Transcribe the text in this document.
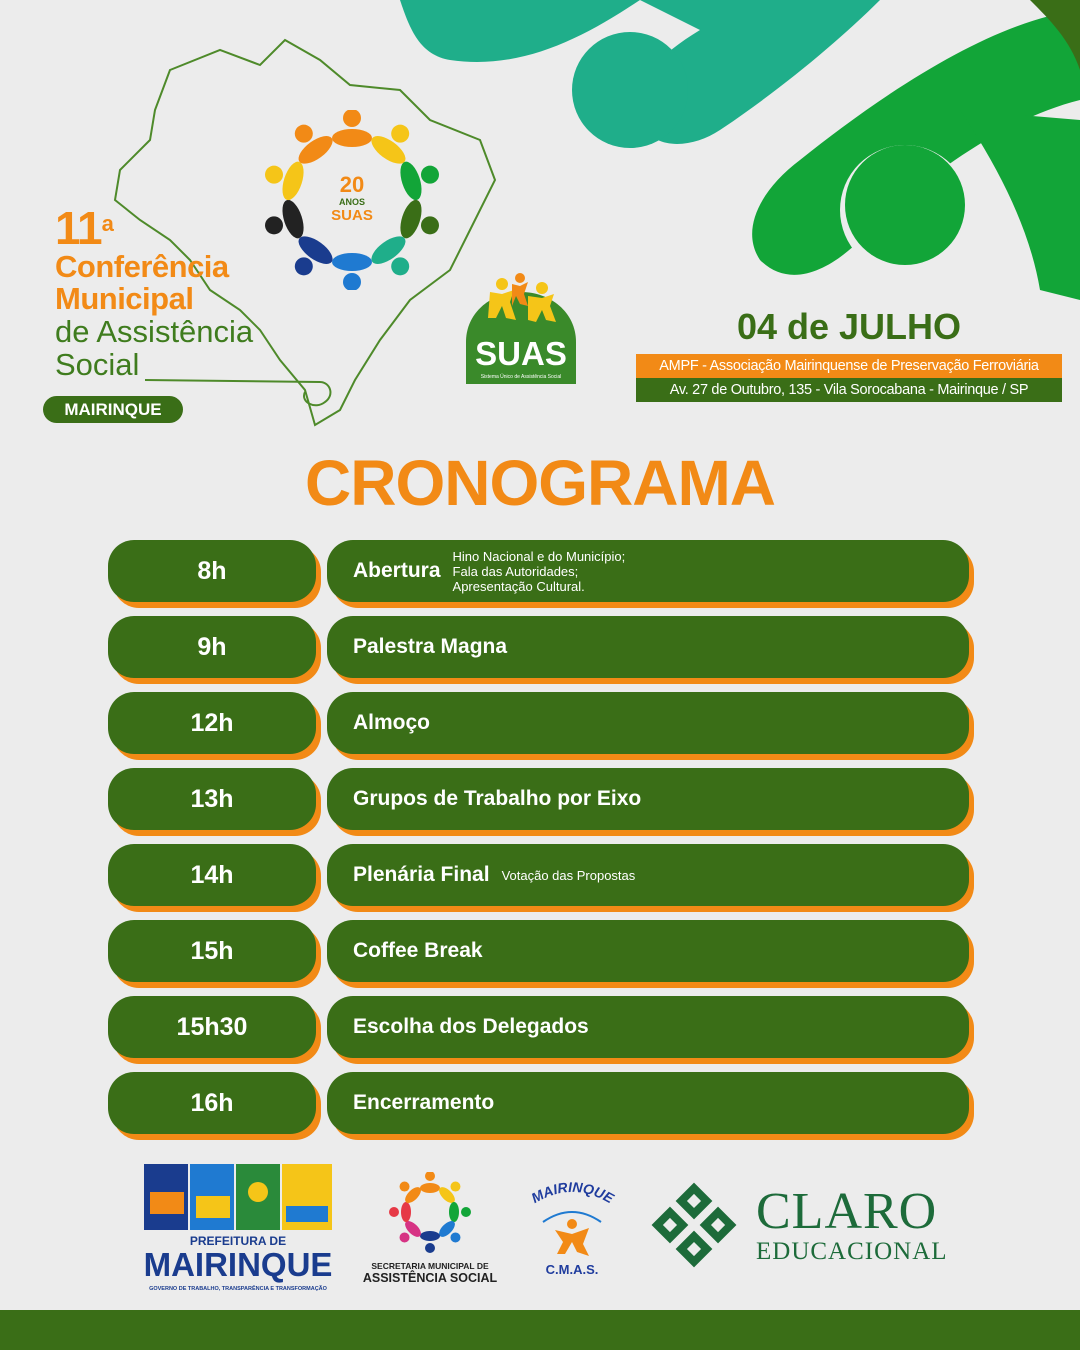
20
ANOS
SUAS
11$^a$
Conferência
Municipal
de Assistência
Social
MAIRINQUE
SUAS
Sistema Único de Assistência Social
04 de JULHO
AMPF - Associação Mairinquense de Preservação Ferroviária
Av. 27 de Outubro, 135 - Vila Sorocabana - Mairinque / SP
CRONOGRAMA
8h	Abertura
Hino Nacional e do Município;
Fala das Autoridades;
Apresentação Cultural.
9h	Palestra Magna
12h	Almoço
13h	Grupos de Trabalho por Eixo
14h	Plenária Final Votação das Propostas
15h	Coffee Break
15h30	Escolha dos Delegados
16h	Encerramento
PREFEITURA DE
MAIRINQUE
GOVERNO DE TRABALHO, TRANSPARÊNCIA E TRANSFORMAÇÃO
SECRETARIA MUNICIPAL DE
ASSISTÊNCIA SOCIAL
MAIRINQUE
C.M.A.S.
CLARO
EDUCACIONAL
